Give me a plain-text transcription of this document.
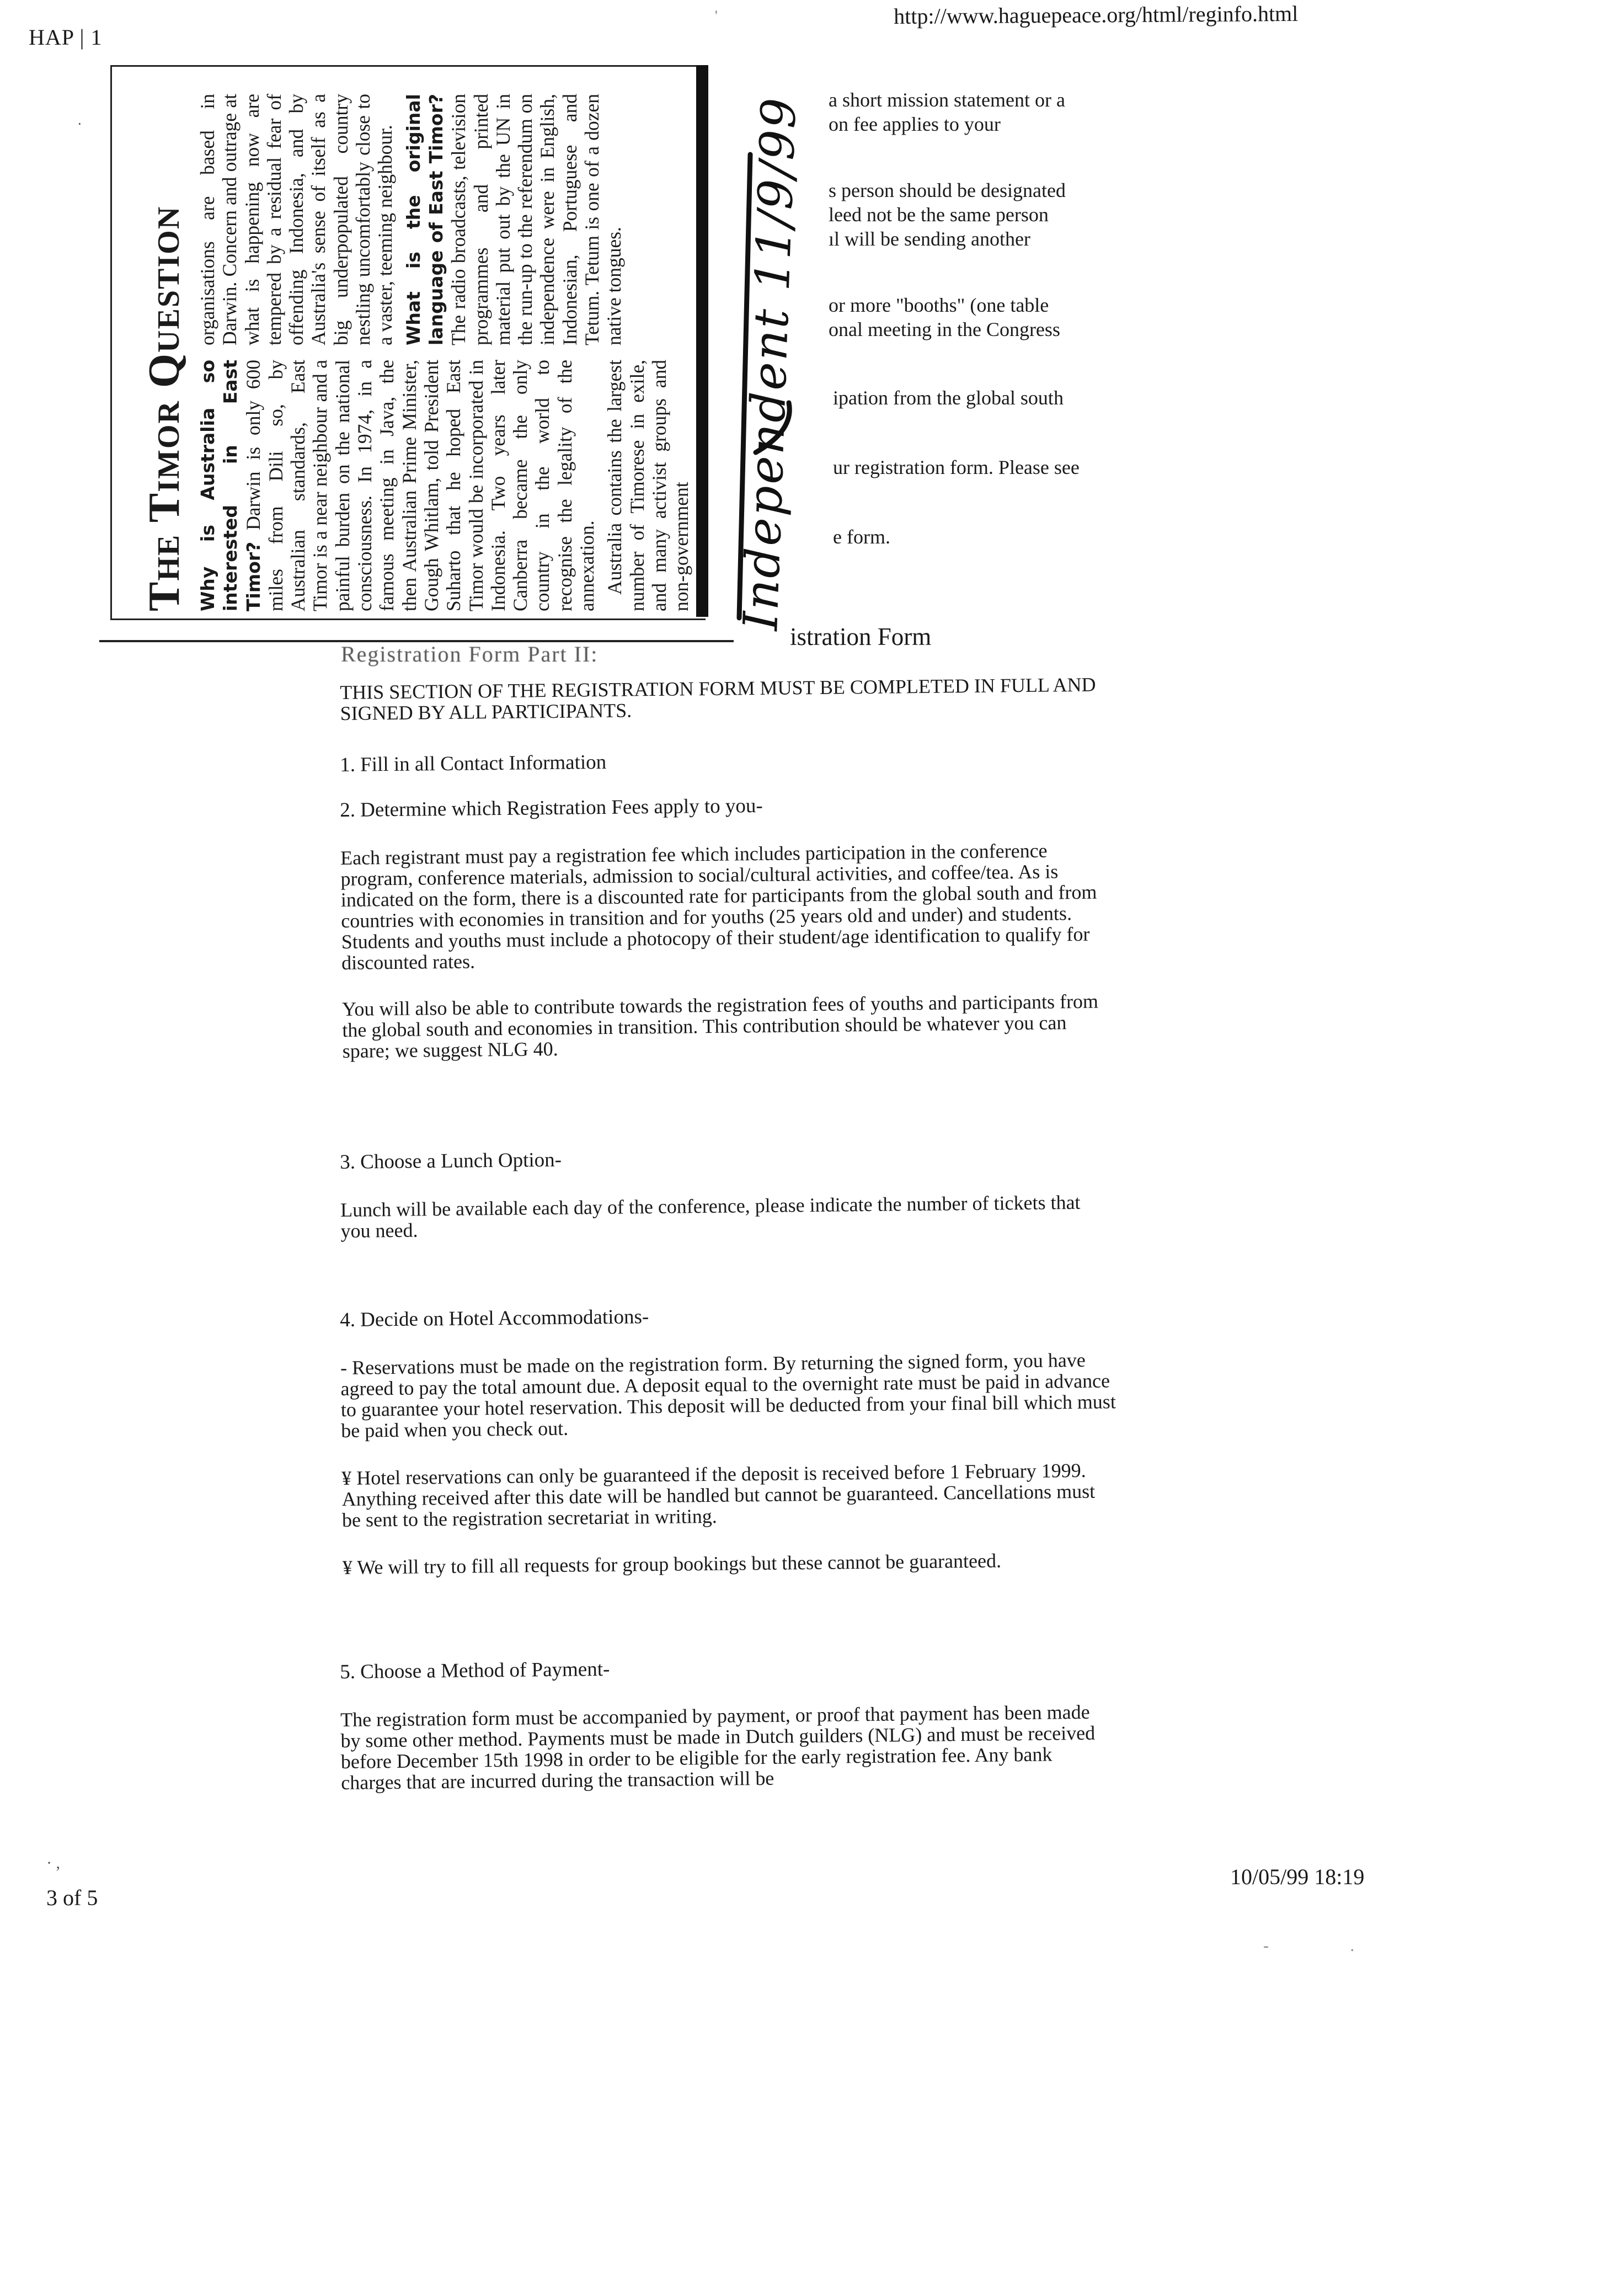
HAP | 1
'	http://www.haguepeace.org/html/reginfo.html
·
The Timor Question Why is Australia so interested in East Timor? Darwin is only 600 miles from Dili so, by Australian standards, East Timor is a near neighbour and a painful burden on the national consciousness. In 1974, in a famous meeting in Java, the then Australian Prime Minister, Gough Whitlam, told President Suharto that he hoped East Timor would be incorporated in Indonesia. Two years later Canberra became the only country in the world to recognise the legality of the annexation. Australia contains the largest number of Timorese in exile, and many activist groups and non-government

organisations are based in Darwin. Concern and outrage at what is happening now are tempered by a residual fear of offending Indonesia, and by Australia's sense of itself as a big underpopulated country nestling uncomfortably close to a vaster, teeming neighbour. What is the original language of East Timor? The radio broadcasts, television programmes and printed material put out by the UN in the run-up to the referendum on independence were in English, Indonesian, Portuguese and Tetum. Tetum is one of a dozen native tongues. Independent 11/9/99 a short mission statement or a
on fee applies to your
s person should be designated
leed not be the same person
ıl will be sending another
or more "booths" (one table
onal meeting in the Congress
ipation from the global south
ur registration form. Please see
e form.
Registration Form Part II:
istration Form

THIS SECTION OF THE REGISTRATION FORM MUST BE COMPLETED IN FULL AND SIGNED BY ALL PARTICIPANTS.

1. Fill in all Contact Information

2. Determine which Registration Fees apply to you-

Each registrant must pay a registration fee which includes participation in the conference program, conference materials, admission to social/cultural activities, and coffee/tea. As is indicated on the form, there is a discounted rate for participants from the global south and from countries with economies in transition and for youths (25 years old and under) and students. Students and youths must include a photocopy of their student/age identification to qualify for discounted rates.

You will also be able to contribute towards the registration fees of youths and participants from the global south and economies in transition. This contribution should be whatever you can spare; we suggest NLG 40.

3. Choose a Lunch Option-

Lunch will be available each day of the conference, please indicate the number of tickets that you need.

4. Decide on Hotel Accommodations-

- Reservations must be made on the registration form. By returning the signed form, you have agreed to pay the total amount due. A deposit equal to the overnight rate must be paid in advance to guarantee your hotel reservation. This deposit will be deducted from your final bill which must be paid when you check out.

¥ Hotel reservations can only be guaranteed if the deposit is received before 1 February 1999. Anything received after this date will be handled but cannot be guaranteed. Cancellations must be sent to the registration secretariat in writing.

¥ We will try to fill all requests for group bookings but these cannot be guaranteed.

5. Choose a Method of Payment-

The registration form must be accompanied by payment, or proof that payment has been made by some other method. Payments must be made in Dutch guilders (NLG) and must be received before December 15th 1998 in order to be eligible for the early registration fee. Any bank charges that are incurred during the transaction will be

· ,
3 of 5
10/05/99 18:19
- .
